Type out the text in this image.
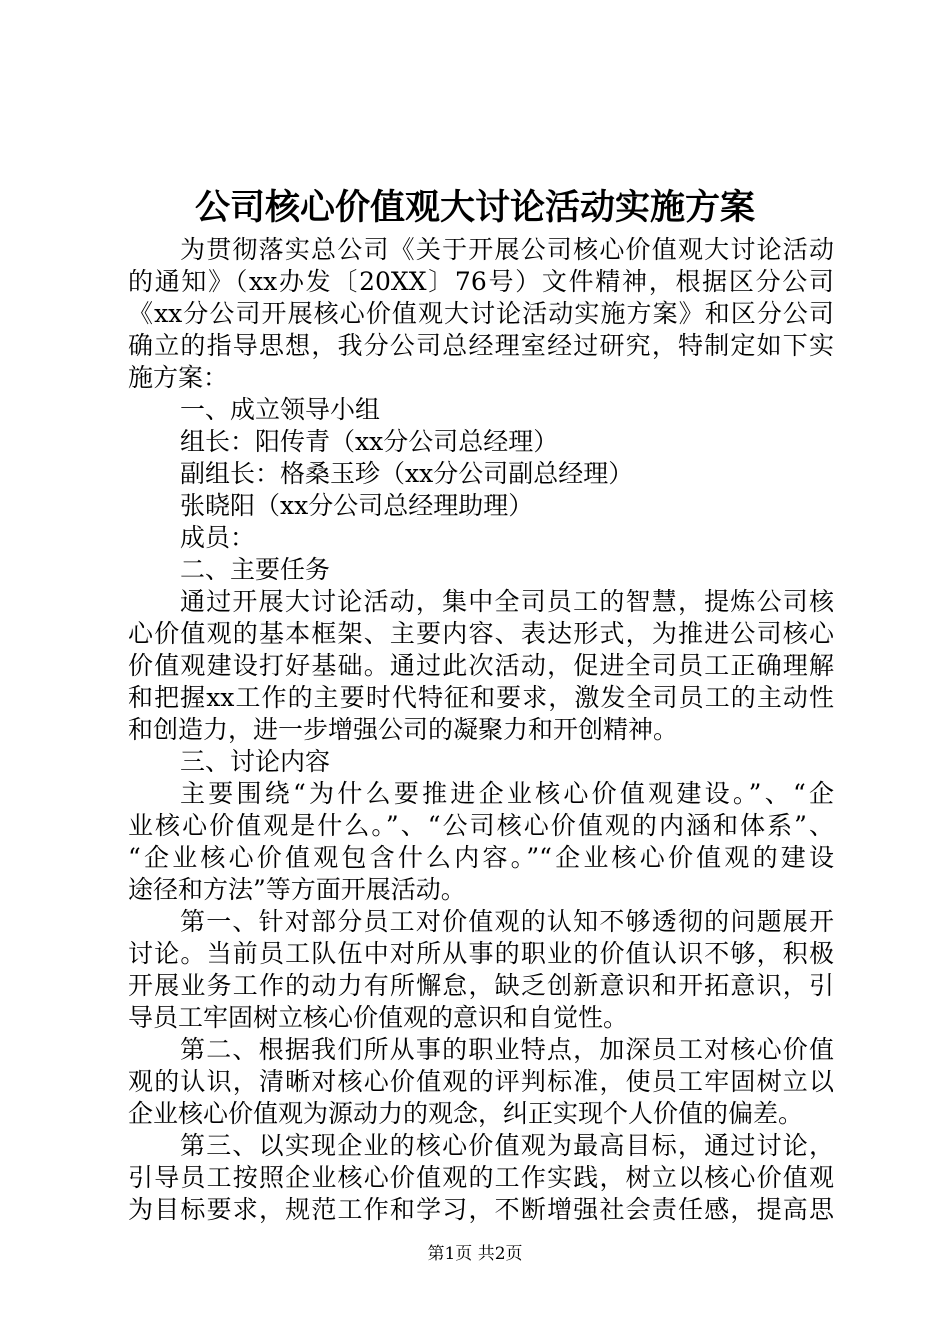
公司核心价值观大讨论活动实施方案
为贯彻落实总公司《关于开展公司核心价值观大讨论活动
的通知》（xx办发〔20XX〕76号）文件精神，根据区分公司
《xx分公司开展核心价值观大讨论活动实施方案》和区分公司
确立的指导思想，我分公司总经理室经过研究，特制定如下实
施方案：
一、成立领导小组
组长：阳传青（xx分公司总经理）
副组长：格桑玉珍（xx分公司副总经理）
张晓阳（xx分公司总经理助理）
成员：
二、主要任务
通过开展大讨论活动，集中全司员工的智慧，提炼公司核
心价值观的基本框架、主要内容、表达形式，为推进公司核心
价值观建设打好基础。通过此次活动，促进全司员工正确理解
和把握xx工作的主要时代特征和要求，激发全司员工的主动性
和创造力，进一步增强公司的凝聚力和开创精神。
三、讨论内容
主要围绕“为什么要推进企业核心价值观建设。”、“企
业核心价值观是什么。”、“公司核心价值观的内涵和体系”、
“企业核心价值观包含什么内容。”“企业核心价值观的建设
途径和方法”等方面开展活动。
第一、针对部分员工对价值观的认知不够透彻的问题展开
讨论。当前员工队伍中对所从事的职业的价值认识不够，积极
开展业务工作的动力有所懈怠，缺乏创新意识和开拓意识，引
导员工牢固树立核心价值观的意识和自觉性。
第二、根据我们所从事的职业特点，加深员工对核心价值
观的认识，清晰对核心价值观的评判标准，使员工牢固树立以
企业核心价值观为源动力的观念，纠正实现个人价值的偏差。
第三、以实现企业的核心价值观为最高目标，通过讨论，
引导员工按照企业核心价值观的工作实践，树立以核心价值观
为目标要求，规范工作和学习，不断增强社会责任感，提高思
第1页 共2页
